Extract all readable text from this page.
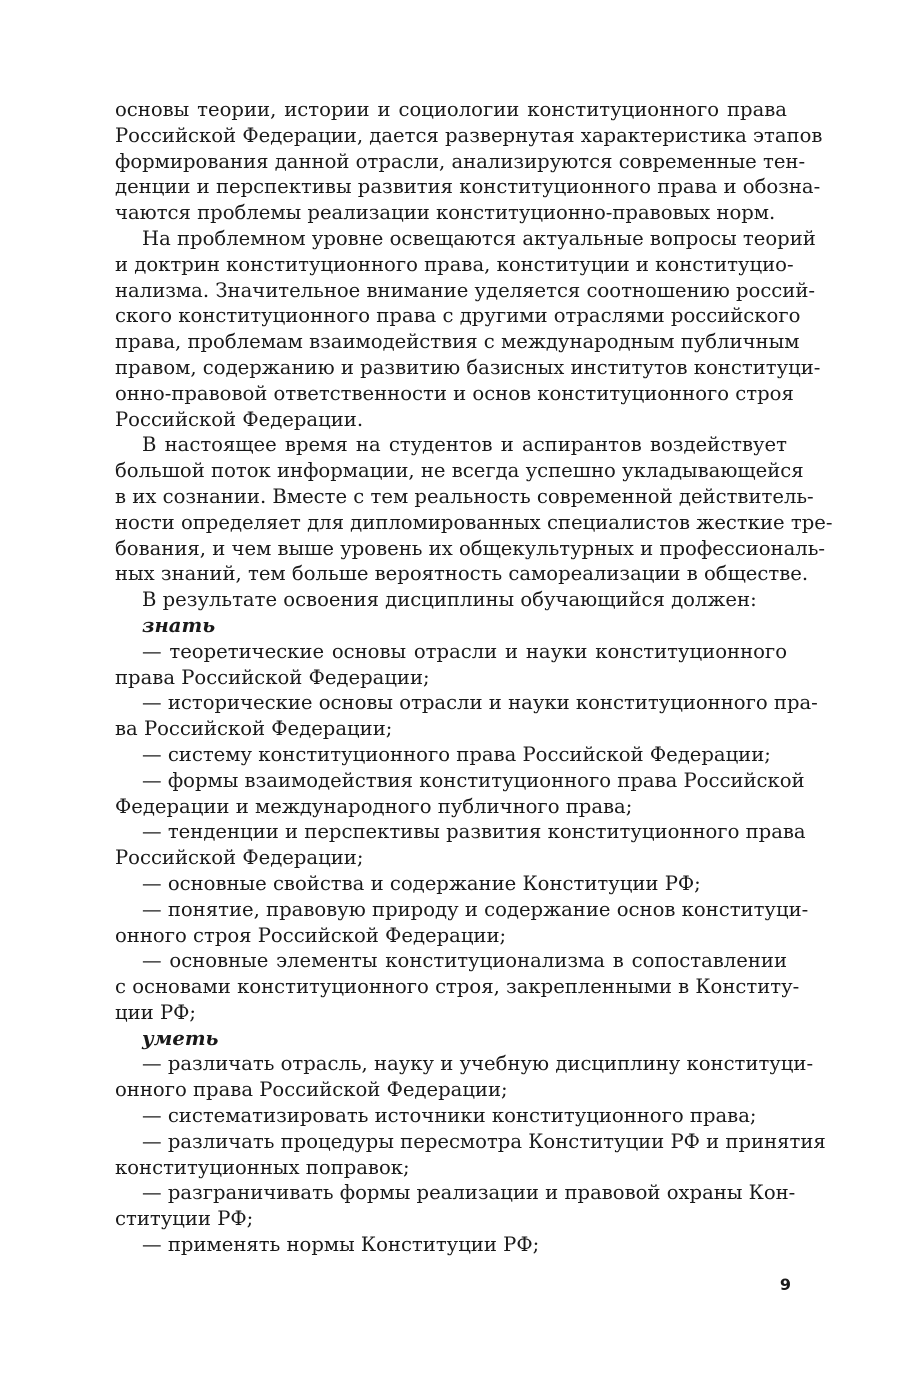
основы теории, истории и социологии конституционного права
Российской Федерации, дается развернутая характеристика этапов
формирования данной отрасли, анализируются современные тен-
денции и перспективы развития конституционного права и обозна-
чаются проблемы реализации конституционно-правовых норм.
На проблемном уровне освещаются актуальные вопросы теорий
и доктрин конституционного права, конституции и конституцио-
нализма. Значительное внимание уделяется соотношению россий-
ского конституционного права с другими отраслями российского
права, проблемам взаимодействия с международным публичным
правом, содержанию и развитию базисных институтов конституци-
онно-правовой ответственности и основ конституционного строя
Российской Федерации.
В настоящее время на студентов и аспирантов воздействует
большой поток информации, не всегда успешно укладывающейся
в их сознании. Вместе с тем реальность современной действитель-
ности определяет для дипломированных специалистов жесткие тре-
бования, и чем выше уровень их общекультурных и профессиональ-
ных знаний, тем больше вероятность самореализации в обществе.
В результате освоения дисциплины обучающийся должен:
знать
— теоретические основы отрасли и науки конституционного
права Российской Федерации;
— исторические основы отрасли и науки конституционного пра-
ва Российской Федерации;
— систему конституционного права Российской Федерации;
— формы взаимодействия конституционного права Российской
Федерации и международного публичного права;
— тенденции и перспективы развития конституционного права
Российской Федерации;
— основные свойства и содержание Конституции РФ;
— понятие, правовую природу и содержание основ конституци-
онного строя Российской Федерации;
— основные элементы конституционализма в сопоставлении
с основами конституционного строя, закрепленными в Конститу-
ции РФ;
уметь
— различать отрасль, науку и учебную дисциплину конституци-
онного права Российской Федерации;
— систематизировать источники конституционного права;
— различать процедуры пересмотра Конституции РФ и принятия
конституционных поправок;
— разграничивать формы реализации и правовой охраны Кон-
ституции РФ;
— применять нормы Конституции РФ;
9
